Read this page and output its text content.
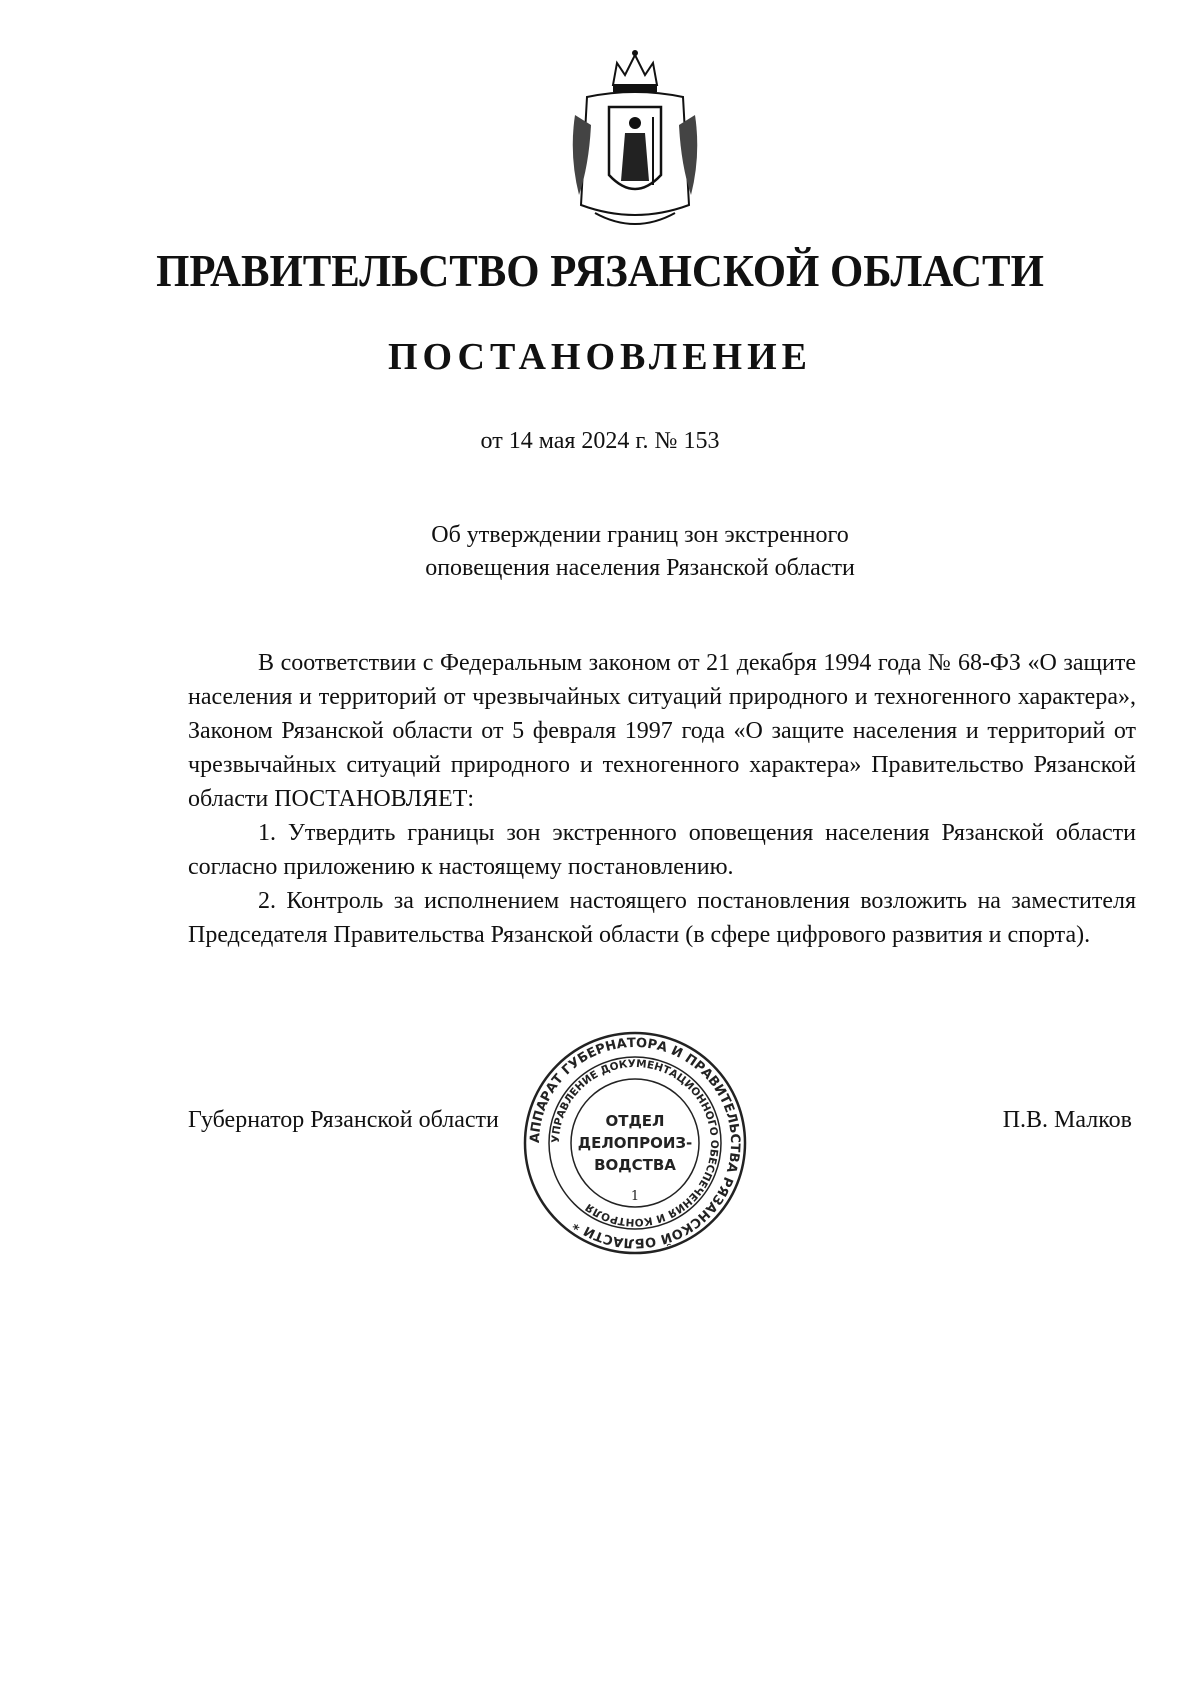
ПРАВИТЕЛЬСТВО РЯЗАНСКОЙ ОБЛАСТИ
ПОСТАНОВЛЕНИЕ
от 14 мая 2024 г. № 153
Об утверждении границ зон экстренного
оповещения населения Рязанской области

В соответствии с Федеральным законом от 21 декабря 1994 года № 68-ФЗ «О защите населения и территорий от чрезвычайных ситуаций природного и техногенного характера», Законом Рязанской области от 5 февраля 1997 года «О защите населения и территорий от чрезвычайных ситуаций природного и техногенного характера» Правительство Рязанской области ПОСТАНОВЛЯЕТ:

1. Утвердить границы зон экстренного оповещения населения Рязанской области согласно приложению к настоящему постановлению.

2. Контроль за исполнением настоящего постановления возложить на заместителя Председателя Правительства Рязанской области (в сфере цифрового развития и спорта).

Губернатор Рязанской области	П.В. Малков
АППАРАТ ГУБЕРНАТОРА И ПРАВИТЕЛЬСТВА РЯЗАНСКОЙ ОБЛАСТИ *
УПРАВЛЕНИЕ ДОКУМЕНТАЦИОННОГО ОБЕСПЕЧЕНИЯ И КОНТРОЛЯ
ОТДЕЛ
ДЕЛОПРОИЗ-
ВОДСТВА
1
